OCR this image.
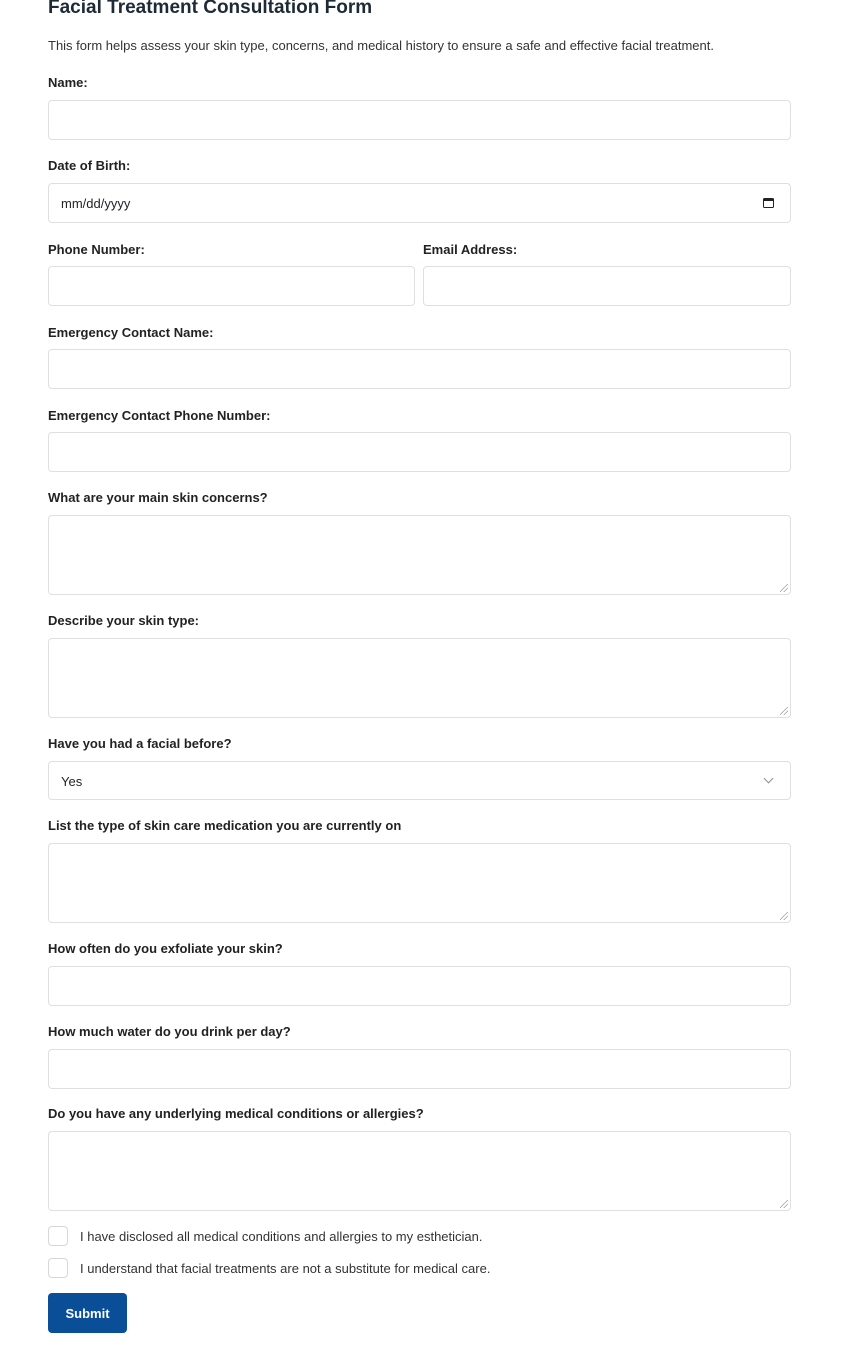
Facial Treatment Consultation Form
This form helps assess your skin type, concerns, and medical history to ensure a safe and effective facial treatment.
Name:
Date of Birth:
mm/dd/yyyy
Phone Number:	Email Address:
Emergency Contact Name:
Emergency Contact Phone Number:
What are your main skin concerns?
Describe your skin type:
Have you had a facial before?
Yes
List the type of skin care medication you are currently on
How often do you exfoliate your skin?
How much water do you drink per day?
Do you have any underlying medical conditions or allergies?
I have disclosed all medical conditions and allergies to my esthetician.
I understand that facial treatments are not a substitute for medical care.
Submit
